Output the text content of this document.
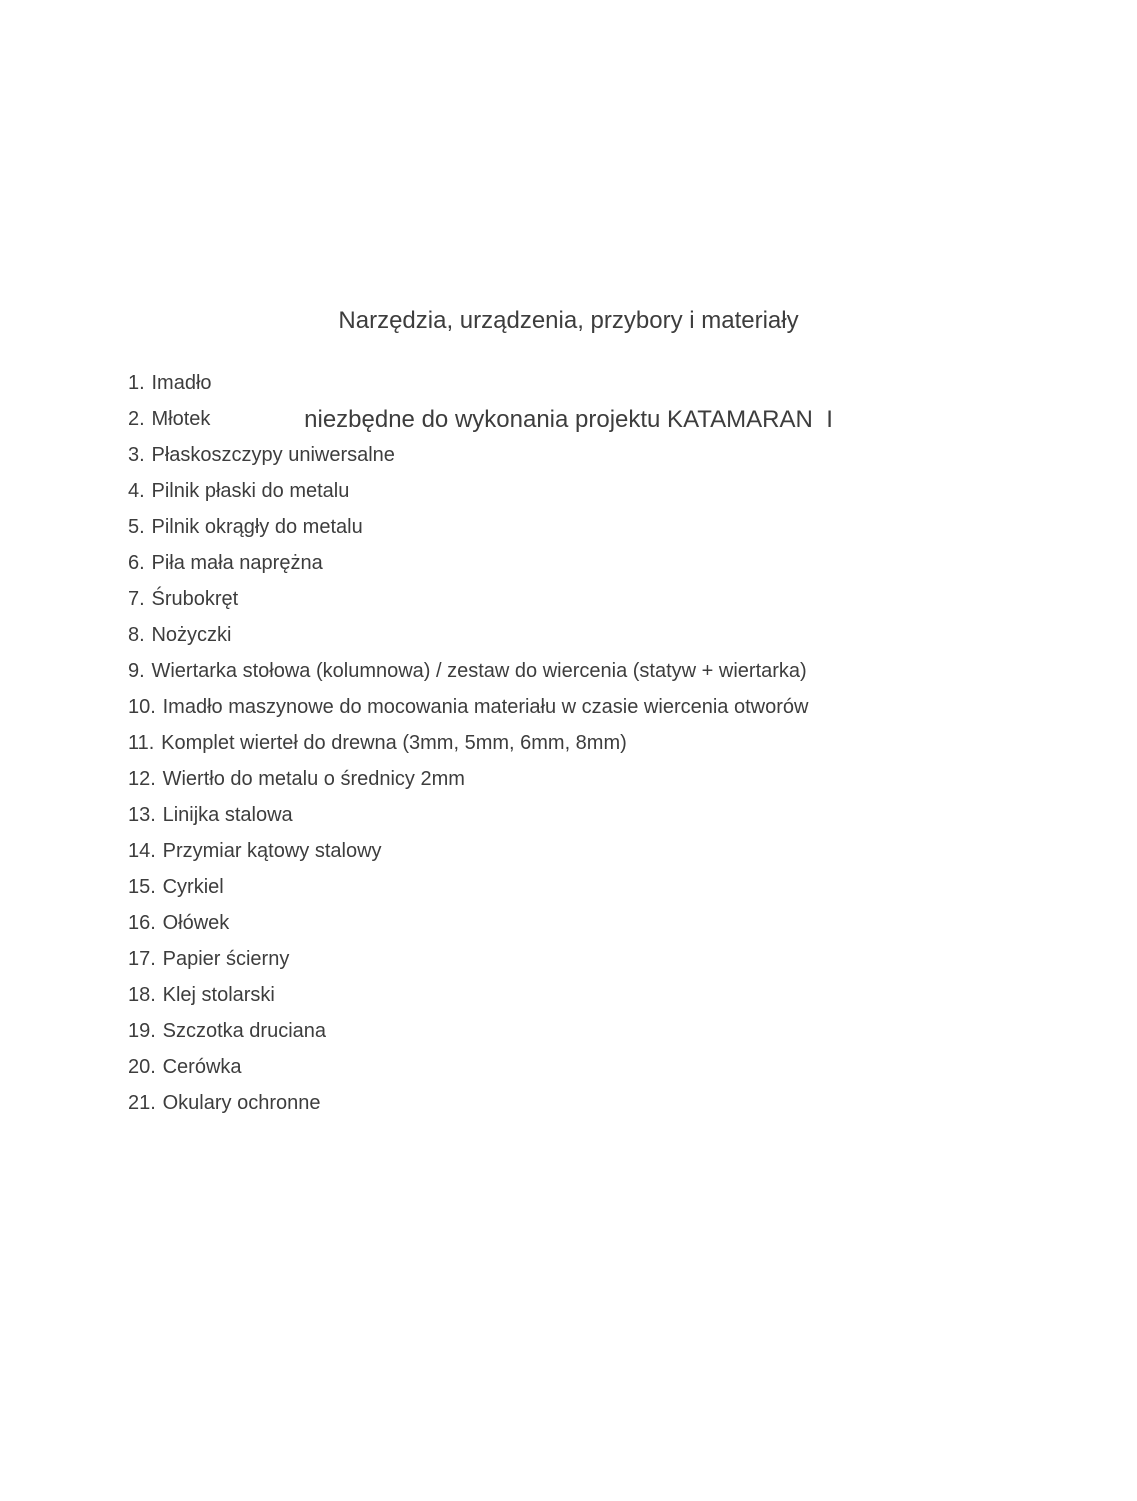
Narzędzia, urządzenia, przybory i materiały

niezbędne do wykonania projektu KATAMARAN  I

1. Imadło
2. Młotek
3. Płaskoszczypy uniwersalne
4. Pilnik płaski do metalu
5. Pilnik okrągły do metalu
6. Piła mała naprężna
7. Śrubokręt
8. Nożyczki
9. Wiertarka stołowa (kolumnowa) / zestaw do wiercenia (statyw + wiertarka)
10. Imadło maszynowe do mocowania materiału w czasie wiercenia otworów
11. Komplet wierteł do drewna (3mm, 5mm, 6mm, 8mm)
12. Wiertło do metalu o średnicy 2mm
13. Linijka stalowa
14. Przymiar kątowy stalowy
15. Cyrkiel
16. Ołówek
17. Papier ścierny
18. Klej stolarski
19. Szczotka druciana
20. Cerówka
21. Okulary ochronne
